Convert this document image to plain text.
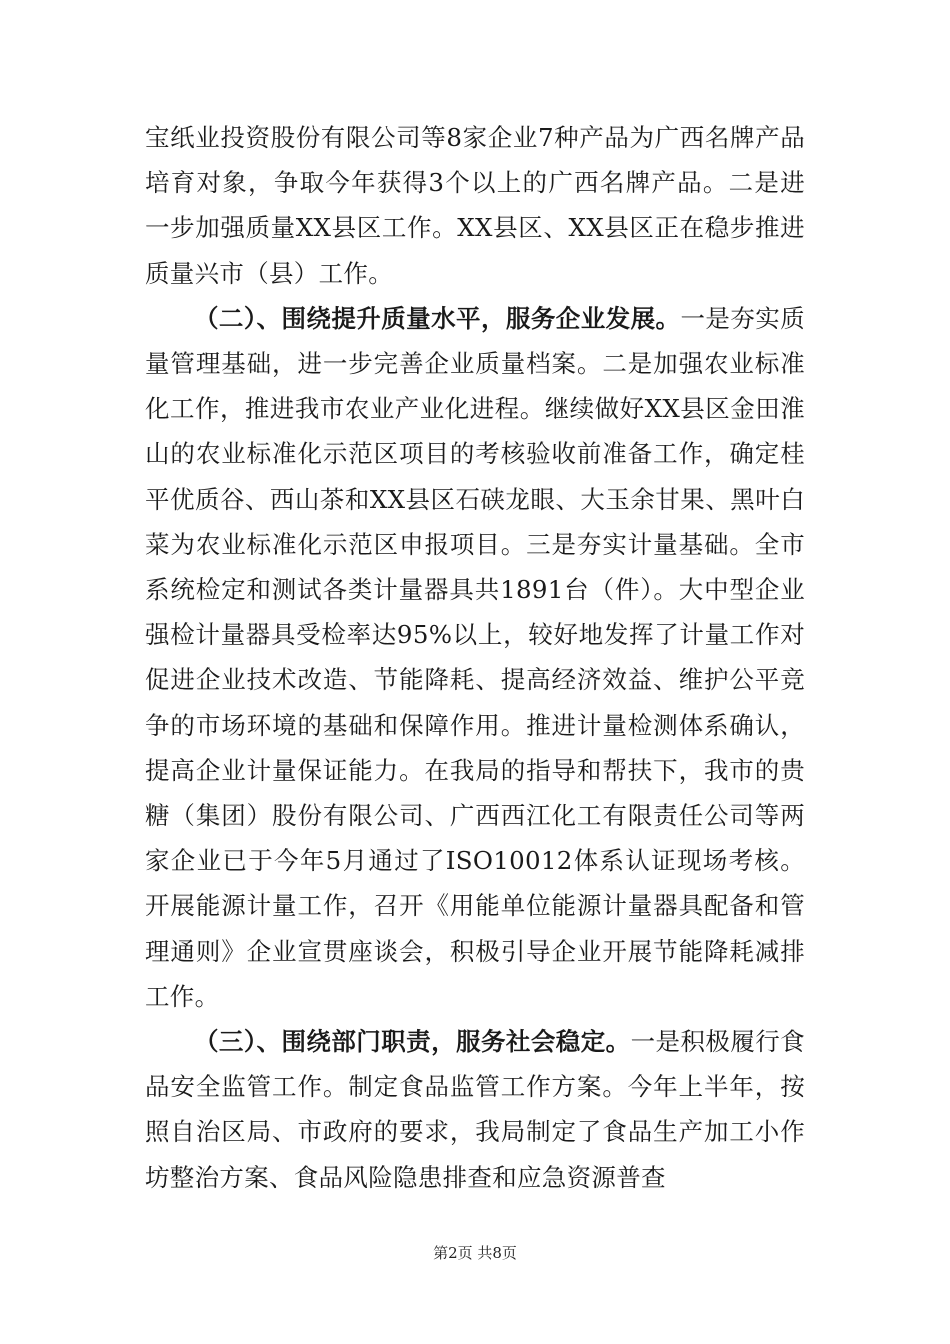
宝纸业投资股份有限公司等8家企业7种产品为广西名牌产品培育对象，争取今年获得3个以上的广西名牌产品。二是进一步加强质量XX县区工作。XX县区、XX县区正在稳步推进质量兴市（县）工作。

（二）、围绕提升质量水平，服务企业发展。一是夯实质量管理基础，进一步完善企业质量档案。二是加强农业标准化工作，推进我市农业产业化进程。继续做好XX县区金田淮山的农业标准化示范区项目的考核验收前准备工作，确定桂平优质谷、西山茶和XX县区石硖龙眼、大玉余甘果、黑叶白菜为农业标准化示范区申报项目。三是夯实计量基础。全市系统检定和测试各类计量器具共1891台（件）。大中型企业强检计量器具受检率达95%以上，较好地发挥了计量工作对促进企业技术改造、节能降耗、提高经济效益、维护公平竞争的市场环境的基础和保障作用。推进计量检测体系确认，提高企业计量保证能力。在我局的指导和帮扶下，我市的贵糖（集团）股份有限公司、广西西江化工有限责任公司等两家企业已于今年5月通过了ISO10012体系认证现场考核。开展能源计量工作，召开《用能单位能源计量器具配备和管理通则》企业宣贯座谈会，积极引导企业开展节能降耗减排工作。

（三）、围绕部门职责，服务社会稳定。一是积极履行食品安全监管工作。制定食品监管工作方案。今年上半年，按照自治区局、市政府的要求，我局制定了食品生产加工小作坊整治方案、食品风险隐患排查和应急资源普查

第2页 共8页
